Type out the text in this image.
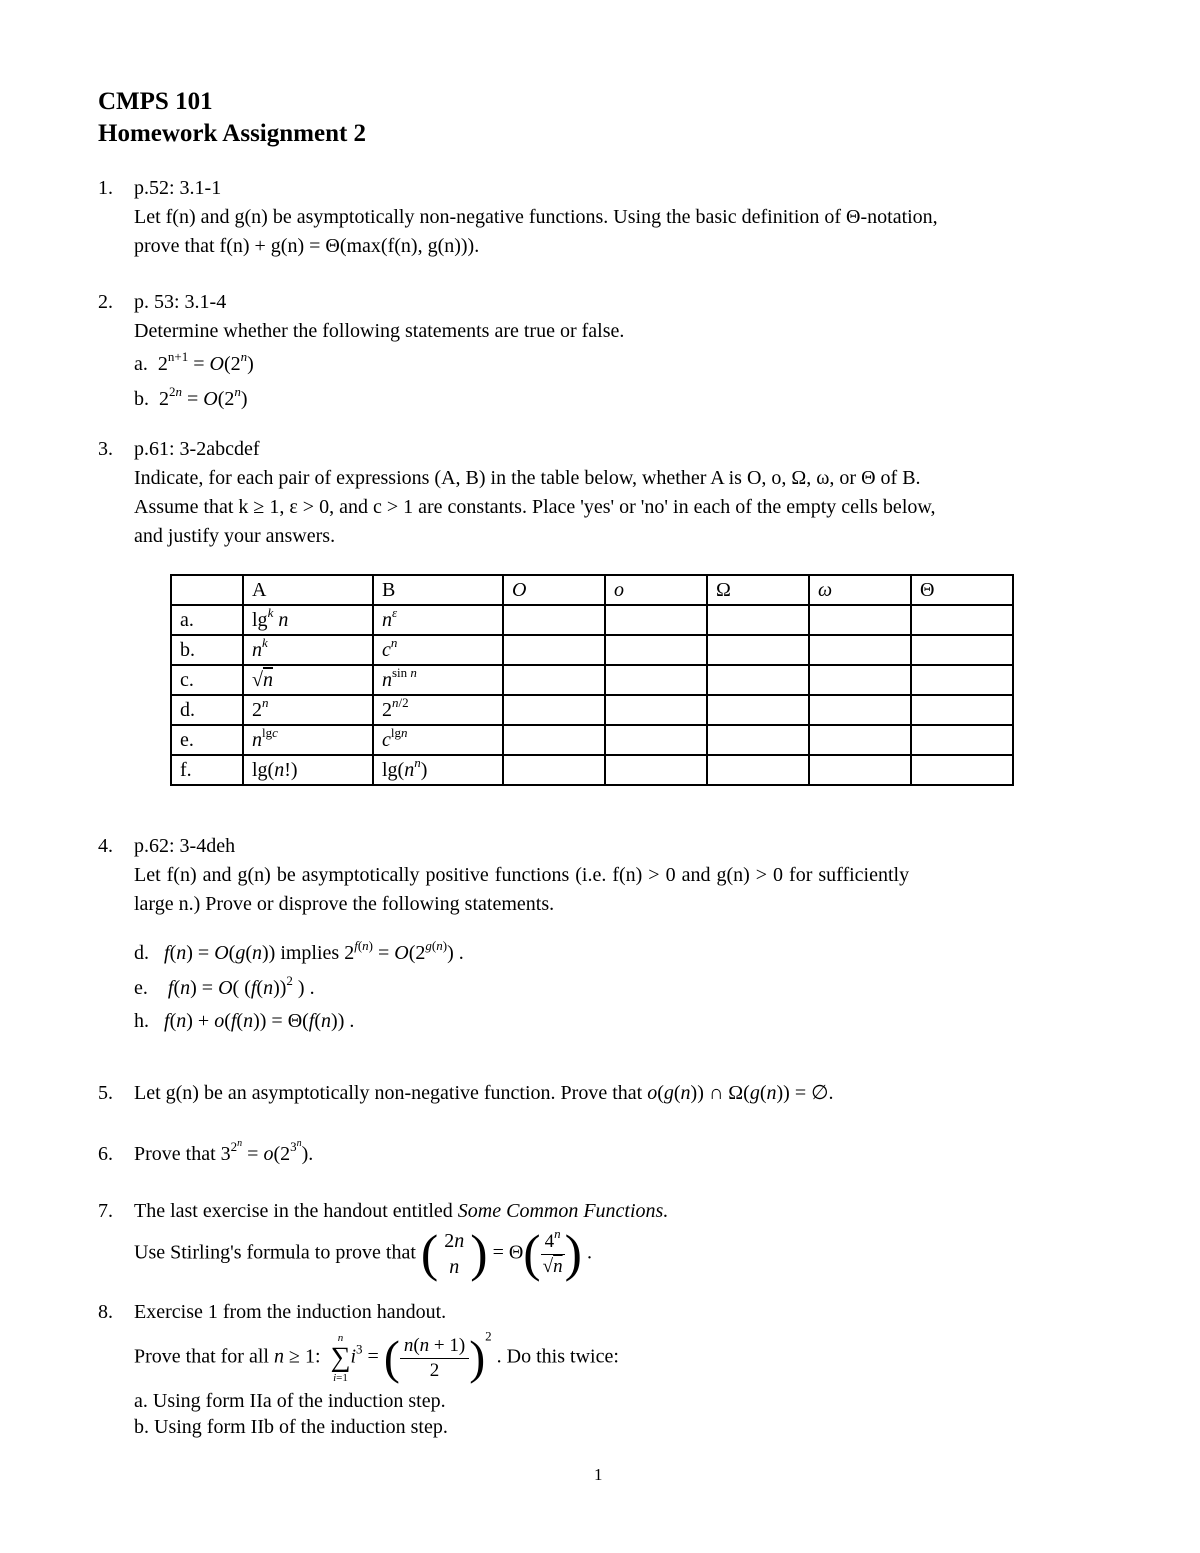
CMPS 101
Homework Assignment 2
1.	p.52: 3.1-1
Let f(n) and g(n) be asymptotically non-negative functions. Using the basic definition of Θ-notation,
prove that f(n) + g(n) = Θ(max(f(n), g(n))).
2.	p. 53: 3.1-4
Determine whether the following statements are true or false.
a.  $2^{n+1} = O(2^n)$
b.  $2^{2n} = O(2^n)$
3.	p.61: 3-2abcdef
Indicate, for each pair of expressions (A, B) in the table below, whether A is O, o, Ω, ω, or Θ of B.
Assume that k ≥ 1, ε > 0, and c > 1 are constants. Place 'yes' or 'no' in each of the empty cells below,
and justify your answers.
	A	B	O	o	Ω	ω	Θ
a.	$\lg^k n$	$n^\varepsilon$					
b.	$n^k$	$c^n$					
c.	√n	$n^{sin n}$					
d.	2$^n$	$2^{n/2}$					
e.	$n^{lgc}$	$c^{lgn}$					
f.	lg(n!)	$\lg(n^n)$					
4.	p.62: 3-4deh
Let f(n) and g(n) be asymptotically positive functions (i.e. f(n) > 0 and g(n) > 0 for sufficiently
large n.) Prove or disprove the following statements.
d. f(n) = O(g(n)) implies $2^{f(n)} = O(2^{g(n)})$ .
e. f(n) = O( $(f(n))^2$ ) .
h. f(n) + o(f(n)) = Θ(f(n)) .
5.	Let g(n) be an asymptotically non-negative function. Prove that o(g(n)) ∩ Ω(g(n)) = ∅.
6.	Prove that $3^{2^n} = o(2^{3^n})$.
7.	The last exercise in the handout entitled Some Common Functions.
Use Stirling's formula to prove that ( 2n
n ) = $\Theta( \frac{4^n}{√n}$ ) .
8.	Exercise 1 from the induction handout.
Prove that for all n ≥ 1:
n
∑
i=1
$i^3$ = ( $\frac{n(n + 1)}{2} )^2$ . Do this twice:
a. Using form IIa of the induction step.
b. Using form IIb of the induction step.
1
